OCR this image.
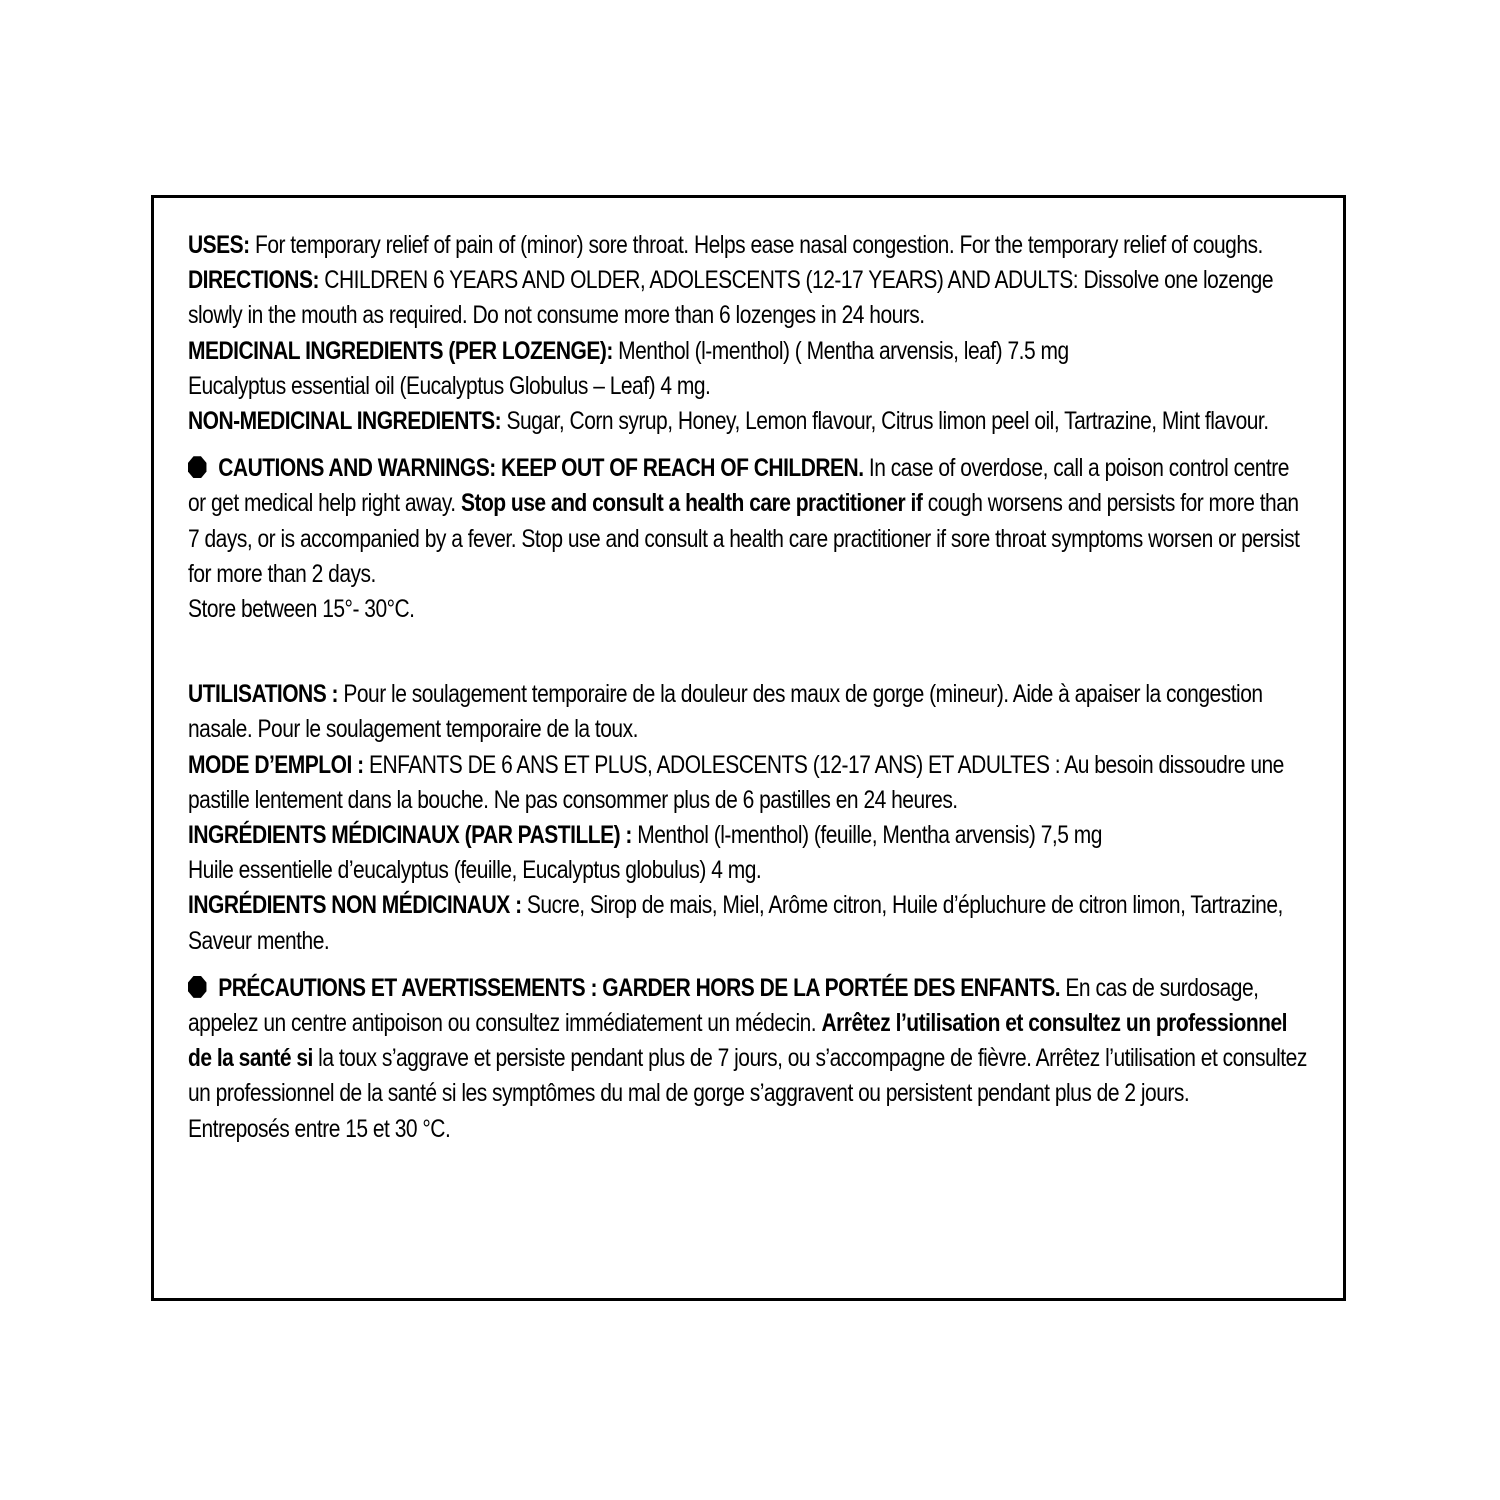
USES: For temporary relief of pain of (minor) sore throat. Helps ease nasal congestion. For the temporary relief of coughs.

DIRECTIONS: CHILDREN 6 YEARS AND OLDER, ADOLESCENTS (12-17 YEARS) AND ADULTS: Dissolve one lozenge slowly in the mouth as required. Do not consume more than 6 lozenges in 24 hours.

MEDICINAL INGREDIENTS (PER LOZENGE): Menthol (l-menthol) ( Mentha arvensis, leaf) 7.5 mg

Eucalyptus essential oil (Eucalyptus Globulus – Leaf) 4 mg.

NON-MEDICINAL INGREDIENTS: Sugar, Corn syrup, Honey, Lemon flavour, Citrus limon peel oil, Tartrazine, Mint flavour.

CAUTIONS AND WARNINGS: KEEP OUT OF REACH OF CHILDREN. In case of overdose, call a poison control centre or get medical help right away. Stop use and consult a health care practitioner if cough worsens and persists for more than 7 days, or is accompanied by a fever. Stop use and consult a health care practitioner if sore throat symptoms worsen or persist for more than 2 days.

Store between 15°- 30°C.

UTILISATIONS : Pour le soulagement temporaire de la douleur des maux de gorge (mineur). Aide à apaiser la congestion nasale. Pour le soulagement temporaire de la toux.

MODE D’EMPLOI : ENFANTS DE 6 ANS ET PLUS, ADOLESCENTS (12-17 ANS) ET ADULTES : Au besoin dissoudre une pastille lentement dans la bouche. Ne pas consommer plus de 6 pastilles en 24 heures.

INGRÉDIENTS MÉDICINAUX (PAR PASTILLE) : Menthol (l-menthol) (feuille, Mentha arvensis) 7,5 mg

Huile essentielle d’eucalyptus (feuille, Eucalyptus globulus) 4 mg.

INGRÉDIENTS NON MÉDICINAUX : Sucre, Sirop de mais, Miel, Arôme citron, Huile d’épluchure de citron limon, Tartrazine, Saveur menthe.

PRÉCAUTIONS ET AVERTISSEMENTS : GARDER HORS DE LA PORTÉE DES ENFANTS. En cas de surdosage, appelez un centre antipoison ou consultez immédiatement un médecin. Arrêtez l’utilisation et consultez un professionnel de la santé si la toux s’aggrave et persiste pendant plus de 7 jours, ou s’accompagne de fièvre. Arrêtez l’utilisation et consultez un professionnel de la santé si les symptômes du mal de gorge s’aggravent ou persistent pendant plus de 2 jours.

Entreposés entre 15 et 30 °C.
